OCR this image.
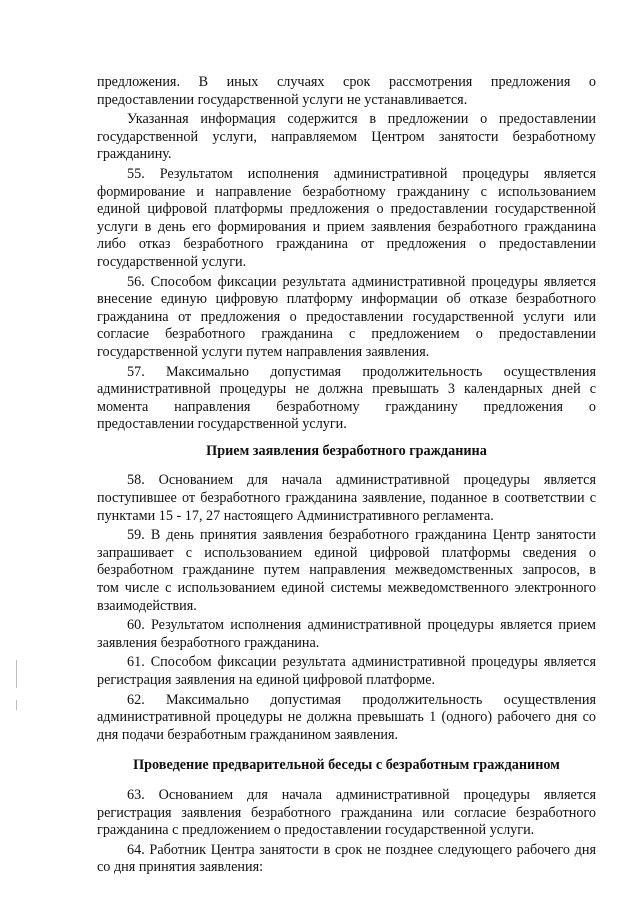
предложения. В иных случаях срок рассмотрения предложения о
предоставлении государственной услуги не устанавливается.
Указанная информация содержится в предложении о предоставлении
государственной услуги, направляемом Центром занятости безработному
гражданину.
55. Результатом исполнения административной процедуры является
формирование и направление безработному гражданину с использованием
единой цифровой платформы предложения о предоставлении государственной
услуги в день его формирования и прием заявления безработного гражданина
либо отказ безработного гражданина от предложения о предоставлении
государственной услуги.
56. Способом фиксации результата административной процедуры является
внесение единую цифровую платформу информации об отказе безработного
гражданина от предложения о предоставлении государственной услуги или
согласие безработного гражданина с предложением о предоставлении
государственной услуги путем направления заявления.
57. Максимально допустимая продолжительность осуществления
административной процедуры не должна превышать 3 календарных дней с
момента направления безработному гражданину предложения о
предоставлении государственной услуги.
Прием заявления безработного гражданина
58. Основанием для начала административной процедуры является
поступившее от безработного гражданина заявление, поданное в соответствии с
пунктами 15 - 17, 27 настоящего Административного регламента.
59. В день принятия заявления безработного гражданина Центр занятости
запрашивает с использованием единой цифровой платформы сведения о
безработном гражданине путем направления межведомственных запросов, в
том числе с использованием единой системы межведомственного электронного
взаимодействия.
60. Результатом исполнения административной процедуры является прием
заявления безработного гражданина.
61. Способом фиксации результата административной процедуры является
регистрация заявления на единой цифровой платформе.
62. Максимально допустимая продолжительность осуществления
административной процедуры не должна превышать 1 (одного) рабочего дня со
дня подачи безработным гражданином заявления.
Проведение предварительной беседы с безработным гражданином
63. Основанием для начала административной процедуры является
регистрация заявления безработного гражданина или согласие безработного
гражданина с предложением о предоставлении государственной услуги.
64. Работник Центра занятости в срок не позднее следующего рабочего дня
со дня принятия заявления:
